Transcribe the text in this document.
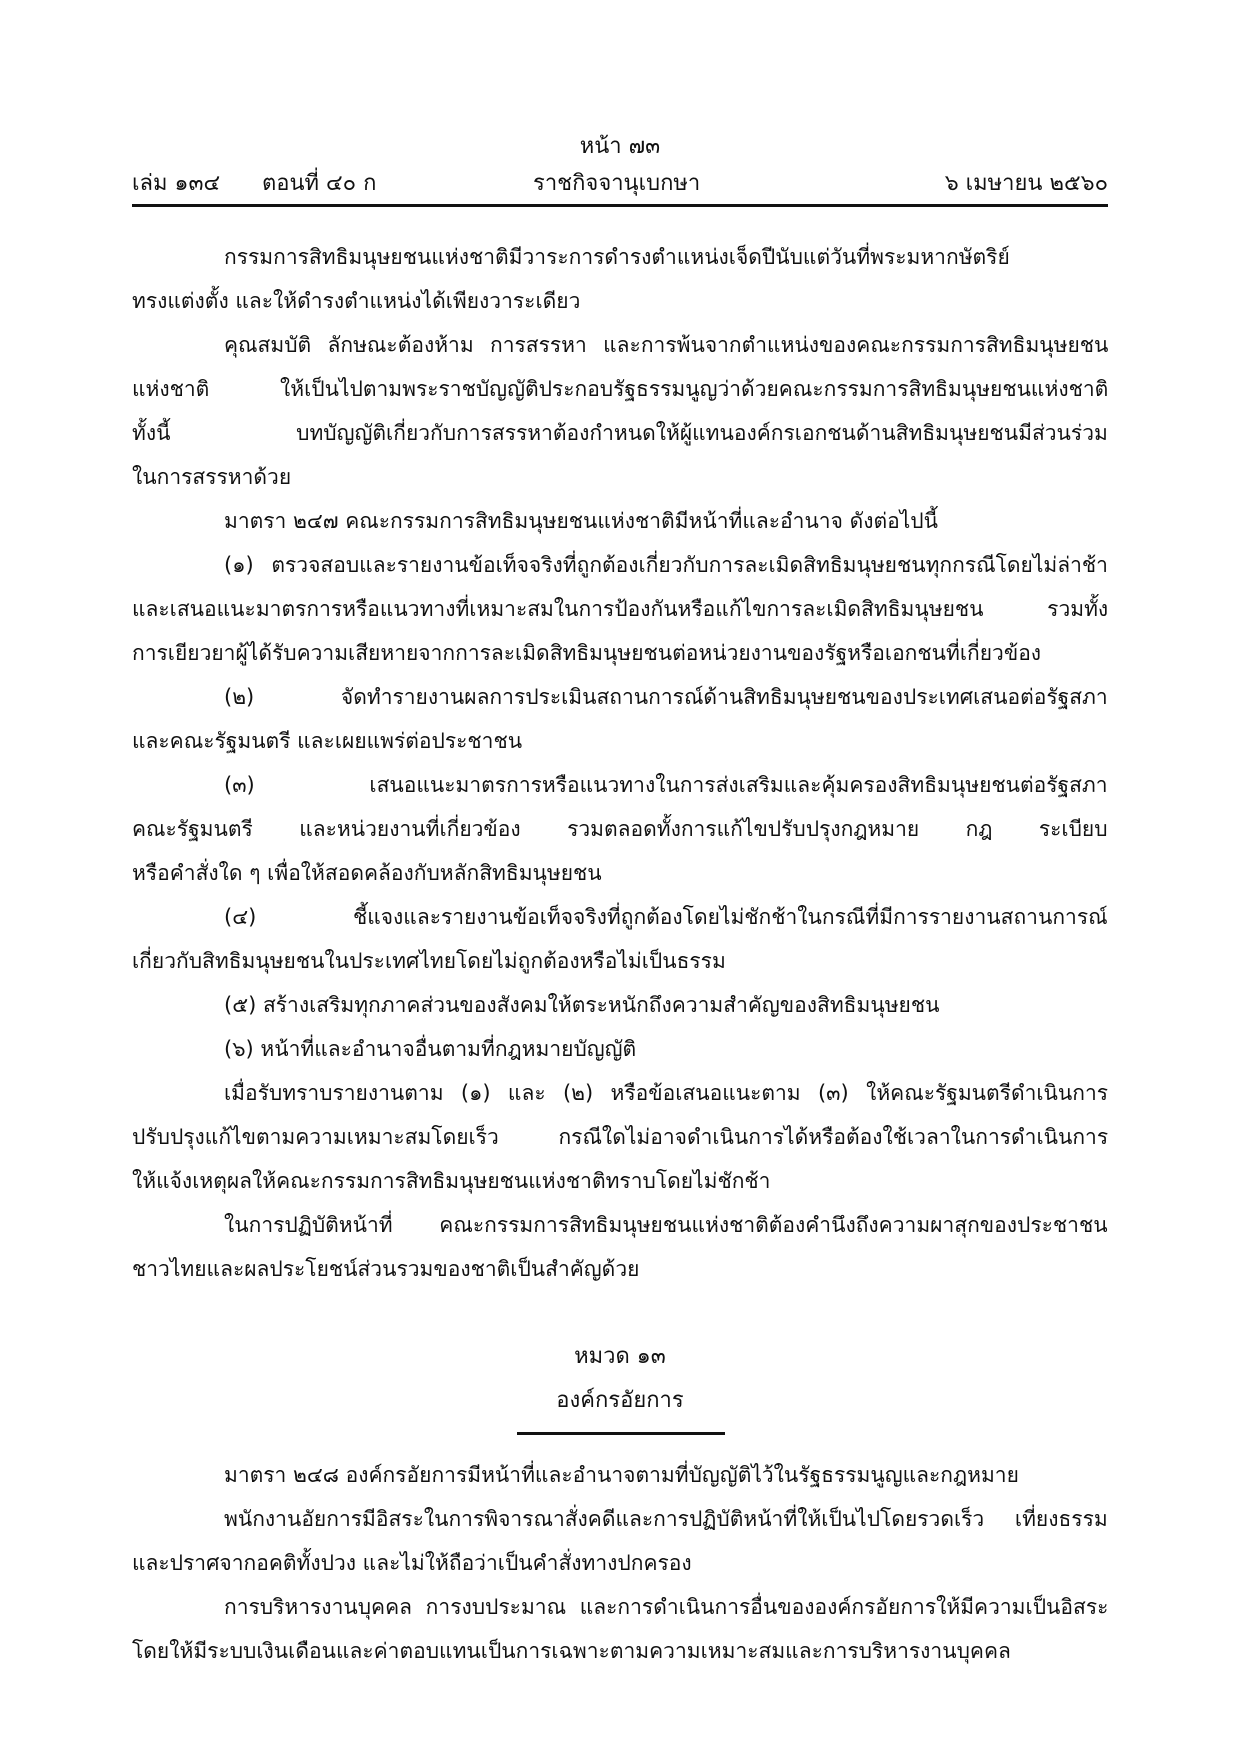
หน้า ๗๓
เล่ม ๑๓๔ ตอนที่ ๔๐ ก	ราชกิจจานุเบกษา	๖ เมษายน ๒๕๖๐
กรรมการสิทธิมนุษยชนแห่งชาติมีวาระการดำรงตำแหน่งเจ็ดปีนับแต่วันที่พระมหากษัตริย์
ทรงแต่งตั้ง และให้ดำรงตำแหน่งได้เพียงวาระเดียว
คุณสมบัติ ลักษณะต้องห้าม การสรรหา และการพ้นจากตำแหน่งของคณะกรรมการสิทธิมนุษยชน
แห่งชาติ ให้เป็นไปตามพระราชบัญญัติประกอบรัฐธรรมนูญว่าด้วยคณะกรรมการสิทธิมนุษยชนแห่งชาติ
ทั้งนี้ บทบัญญัติเกี่ยวกับการสรรหาต้องกำหนดให้ผู้แทนองค์กรเอกชนด้านสิทธิมนุษยชนมีส่วนร่วม
ในการสรรหาด้วย
มาตรา ๒๔๗ คณะกรรมการสิทธิมนุษยชนแห่งชาติมีหน้าที่และอำนาจ ดังต่อไปนี้
(๑) ตรวจสอบและรายงานข้อเท็จจริงที่ถูกต้องเกี่ยวกับการละเมิดสิทธิมนุษยชนทุกกรณีโดยไม่ล่าช้า
และเสนอแนะมาตรการหรือแนวทางที่เหมาะสมในการป้องกันหรือแก้ไขการละเมิดสิทธิมนุษยชน รวมทั้ง
การเยียวยาผู้ได้รับความเสียหายจากการละเมิดสิทธิมนุษยชนต่อหน่วยงานของรัฐหรือเอกชนที่เกี่ยวข้อง
(๒) จัดทำรายงานผลการประเมินสถานการณ์ด้านสิทธิมนุษยชนของประเทศเสนอต่อรัฐสภา
และคณะรัฐมนตรี และเผยแพร่ต่อประชาชน
(๓) เสนอแนะมาตรการหรือแนวทางในการส่งเสริมและคุ้มครองสิทธิมนุษยชนต่อรัฐสภา
คณะรัฐมนตรี และหน่วยงานที่เกี่ยวข้อง รวมตลอดทั้งการแก้ไขปรับปรุงกฎหมาย กฎ ระเบียบ
หรือคำสั่งใด ๆ เพื่อให้สอดคล้องกับหลักสิทธิมนุษยชน
(๔) ชี้แจงและรายงานข้อเท็จจริงที่ถูกต้องโดยไม่ชักช้าในกรณีที่มีการรายงานสถานการณ์
เกี่ยวกับสิทธิมนุษยชนในประเทศไทยโดยไม่ถูกต้องหรือไม่เป็นธรรม
(๕) สร้างเสริมทุกภาคส่วนของสังคมให้ตระหนักถึงความสำคัญของสิทธิมนุษยชน
(๖) หน้าที่และอำนาจอื่นตามที่กฎหมายบัญญัติ
เมื่อรับทราบรายงานตาม (๑) และ (๒) หรือข้อเสนอแนะตาม (๓) ให้คณะรัฐมนตรีดำเนินการ
ปรับปรุงแก้ไขตามความเหมาะสมโดยเร็ว กรณีใดไม่อาจดำเนินการได้หรือต้องใช้เวลาในการดำเนินการ
ให้แจ้งเหตุผลให้คณะกรรมการสิทธิมนุษยชนแห่งชาติทราบโดยไม่ชักช้า
ในการปฏิบัติหน้าที่ คณะกรรมการสิทธิมนุษยชนแห่งชาติต้องคำนึงถึงความผาสุกของประชาชน
ชาวไทยและผลประโยชน์ส่วนรวมของชาติเป็นสำคัญด้วย
หมวด ๑๓
องค์กรอัยการ
มาตรา ๒๔๘ องค์กรอัยการมีหน้าที่และอำนาจตามที่บัญญัติไว้ในรัฐธรรมนูญและกฎหมาย
พนักงานอัยการมีอิสระในการพิจารณาสั่งคดีและการปฏิบัติหน้าที่ให้เป็นไปโดยรวดเร็ว เที่ยงธรรม
และปราศจากอคติทั้งปวง และไม่ให้ถือว่าเป็นคำสั่งทางปกครอง
การบริหารงานบุคคล การงบประมาณ และการดำเนินการอื่นขององค์กรอัยการให้มีความเป็นอิสระ
โดยให้มีระบบเงินเดือนและค่าตอบแทนเป็นการเฉพาะตามความเหมาะสมและการบริหารงานบุคคล
